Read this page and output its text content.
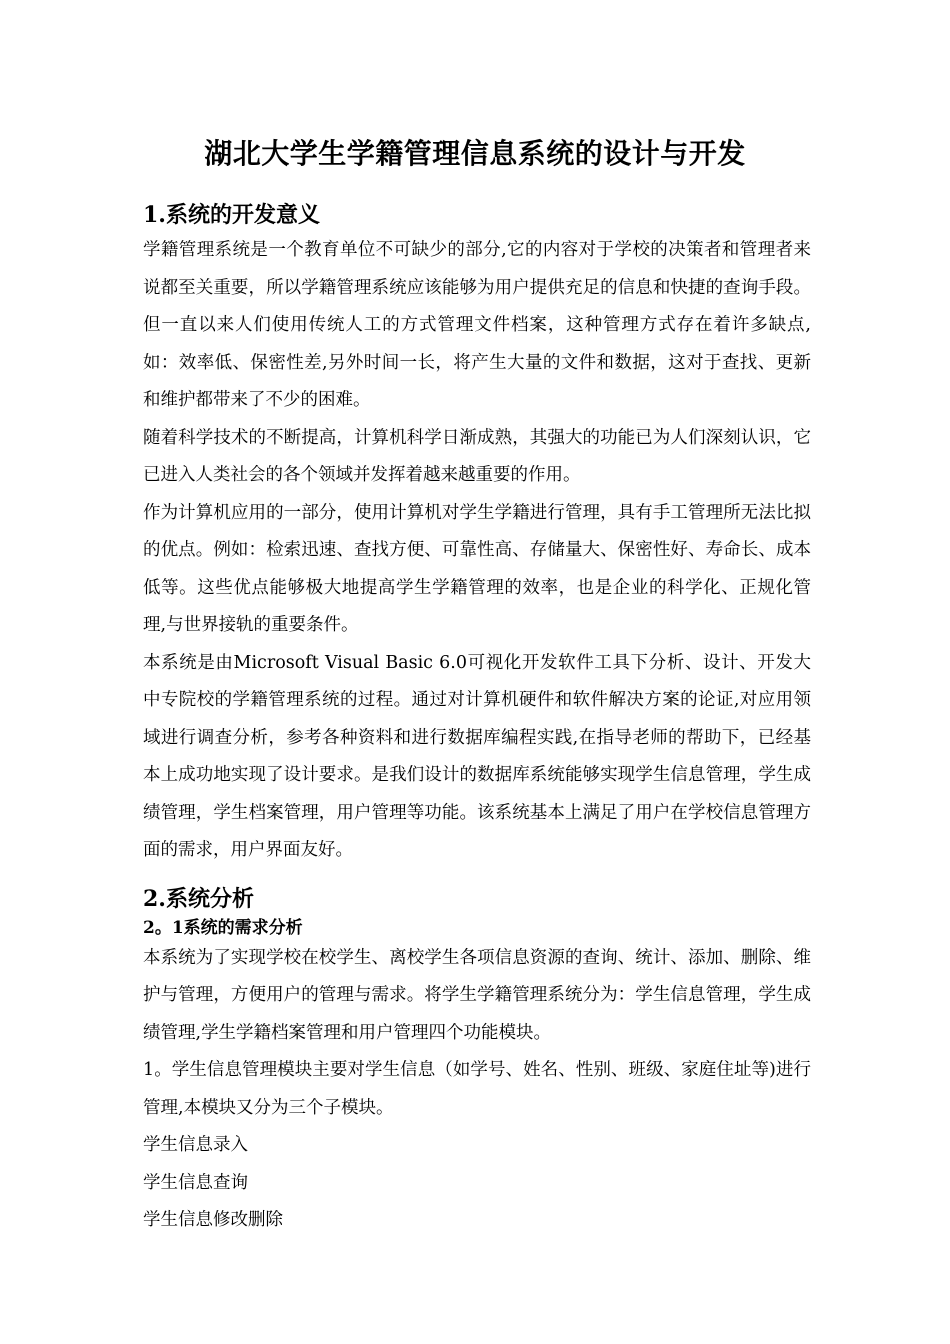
湖北大学生学籍管理信息系统的设计与开发
1.系统的开发意义

学籍管理系统是一个教育单位不可缺少的部分,它的内容对于学校的决策者和管理者来说都至关重要，所以学籍管理系统应该能够为用户提供充足的信息和快捷的查询手段。但一直以来人们使用传统人工的方式管理文件档案，这种管理方式存在着许多缺点,如：效率低、保密性差,另外时间一长，将产生大量的文件和数据，这对于查找、更新和维护都带来了不少的困难。

随着科学技术的不断提高，计算机科学日渐成熟，其强大的功能已为人们深刻认识，它已进入人类社会的各个领域并发挥着越来越重要的作用。

作为计算机应用的一部分，使用计算机对学生学籍进行管理，具有手工管理所无法比拟的优点。例如：检索迅速、查找方便、可靠性高、存储量大、保密性好、寿命长、成本低等。这些优点能够极大地提高学生学籍管理的效率，也是企业的科学化、正规化管理,与世界接轨的重要条件。

本系统是由Microsoft Visual Basic 6.0可视化开发软件工具下分析、设计、开发大中专院校的学籍管理系统的过程。通过对计算机硬件和软件解决方案的论证,对应用领域进行调查分析，参考各种资料和进行数据库编程实践,在指导老师的帮助下，已经基本上成功地实现了设计要求。是我们设计的数据库系统能够实现学生信息管理，学生成绩管理，学生档案管理，用户管理等功能。该系统基本上满足了用户在学校信息管理方面的需求，用户界面友好。

2.系统分析
2。1系统的需求分析

本系统为了实现学校在校学生、离校学生各项信息资源的查询、统计、添加、删除、维护与管理，方便用户的管理与需求。将学生学籍管理系统分为：学生信息管理，学生成绩管理,学生学籍档案管理和用户管理四个功能模块。

1。学生信息管理模块主要对学生信息（如学号、姓名、性别、班级、家庭住址等)进行管理,本模块又分为三个子模块。

学生信息录入

学生信息查询

学生信息修改删除
